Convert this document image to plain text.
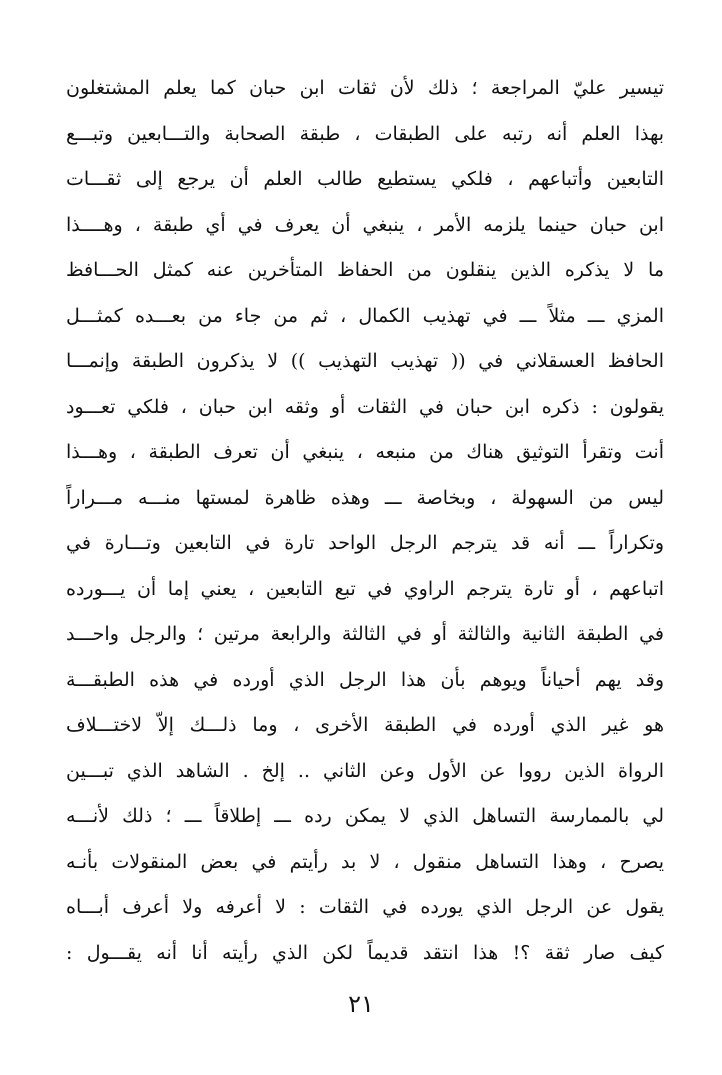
تيسير عليّ المراجعة ؛ ذلك لأن ثقات ابن حبان كما يعلم المشتغلون
بهذا العلم أنه رتبه على الطبقات ، طبقة الصحابة والتـــابعين وتبـــع
التابعين وأتباعهم ، فلكي يستطيع طالب العلم أن يرجع إلى ثقـــات
ابن حبان حينما يلزمه الأمر ، ينبغي أن يعرف في أي طبقة ، وهــــذا
ما لا يذكره الذين ينقلون من الحفاظ المتأخرين عنه كمثل الحـــافظ
المزي ـــ مثلاً ـــ في تهذيب الكمال ، ثم من جاء من بعـــده كمثـــل
الحافظ العسقلاني في (( تهذيب التهذيب )) لا يذكرون الطبقة وإنمـــا
يقولون : ذكره ابن حبان في الثقات أو وثقه ابن حبان ، فلكي تعـــود
أنت وتقرأ التوثيق هناك من منبعه ، ينبغي أن تعرف الطبقة ، وهـــذا
ليس من السهولة ، وبخاصة ـــ وهذه ظاهرة لمستها منـــه مـــراراً
وتكراراً ـــ أنه قد يترجم الرجل الواحد تارة في التابعين وتـــارة في
اتباعهم ، أو تارة يترجم الراوي في تبع التابعين ، يعني إما أن يـــورده
في الطبقة الثانية والثالثة أو في الثالثة والرابعة مرتين ؛ والرجل واحـــد
وقد يهم أحياناً ويوهم بأن هذا الرجل الذي أورده في هذه الطبقـــة
هو غير الذي أورده في الطبقة الأخرى ، وما ذلـــك إلاّ لاختـــلاف
الرواة الذين رووا عن الأول وعن الثاني .. إلخ . الشاهد الذي تبـــين
لي بالممارسة التساهل الذي لا يمكن رده ـــ إطلاقاً ـــ ؛ ذلك لأنـــه
يصرح ، وهذا التساهل منقول ، لا بد رأيتم في بعض المنقولات بأنـه
يقول عن الرجل الذي يورده في الثقات : لا أعرفه ولا أعرف أبـــاه
كيف صار ثقة ؟! هذا انتقد قديماً لكن الذي رأيته أنا أنه يقـــول :
٢١
